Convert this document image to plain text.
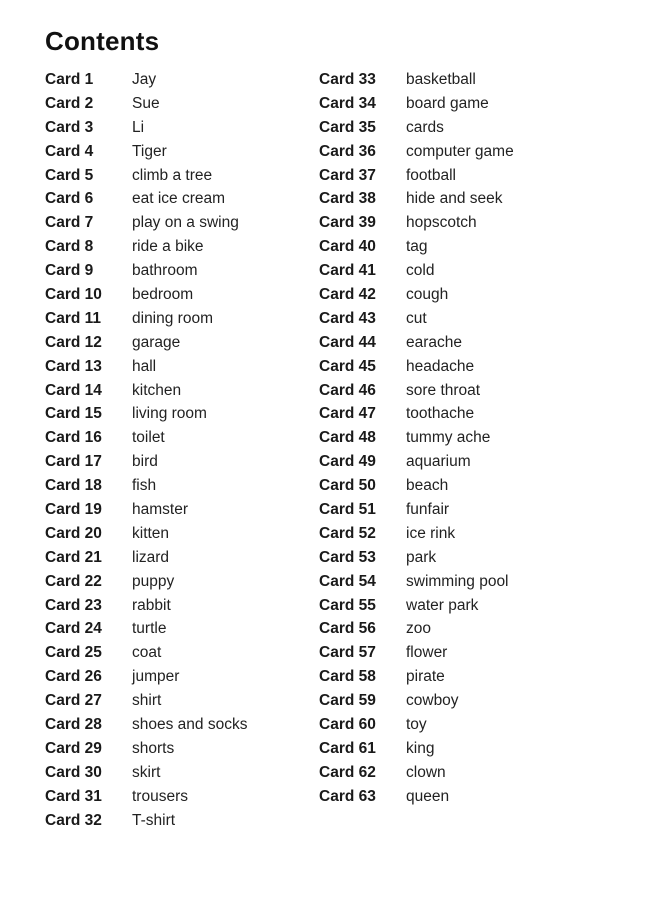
Contents
Card 1	Jay
Card 2	Sue
Card 3	Li
Card 4	Tiger
Card 5	climb a tree
Card 6	eat ice cream
Card 7	play on a swing
Card 8	ride a bike
Card 9	bathroom
Card 10	bedroom
Card 11	dining room
Card 12	garage
Card 13	hall
Card 14	kitchen
Card 15	living room
Card 16	toilet
Card 17	bird
Card 18	fish
Card 19	hamster
Card 20	kitten
Card 21	lizard
Card 22	puppy
Card 23	rabbit
Card 24	turtle
Card 25	coat
Card 26	jumper
Card 27	shirt
Card 28	shoes and socks
Card 29	shorts
Card 30	skirt
Card 31	trousers
Card 32	T-shirt
Card 33	basketball
Card 34	board game
Card 35	cards
Card 36	computer game
Card 37	football
Card 38	hide and seek
Card 39	hopscotch
Card 40	tag
Card 41	cold
Card 42	cough
Card 43	cut
Card 44	earache
Card 45	headache
Card 46	sore throat
Card 47	toothache
Card 48	tummy ache
Card 49	aquarium
Card 50	beach
Card 51	funfair
Card 52	ice rink
Card 53	park
Card 54	swimming pool
Card 55	water park
Card 56	zoo
Card 57	flower
Card 58	pirate
Card 59	cowboy
Card 60	toy
Card 61	king
Card 62	clown
Card 63	queen
